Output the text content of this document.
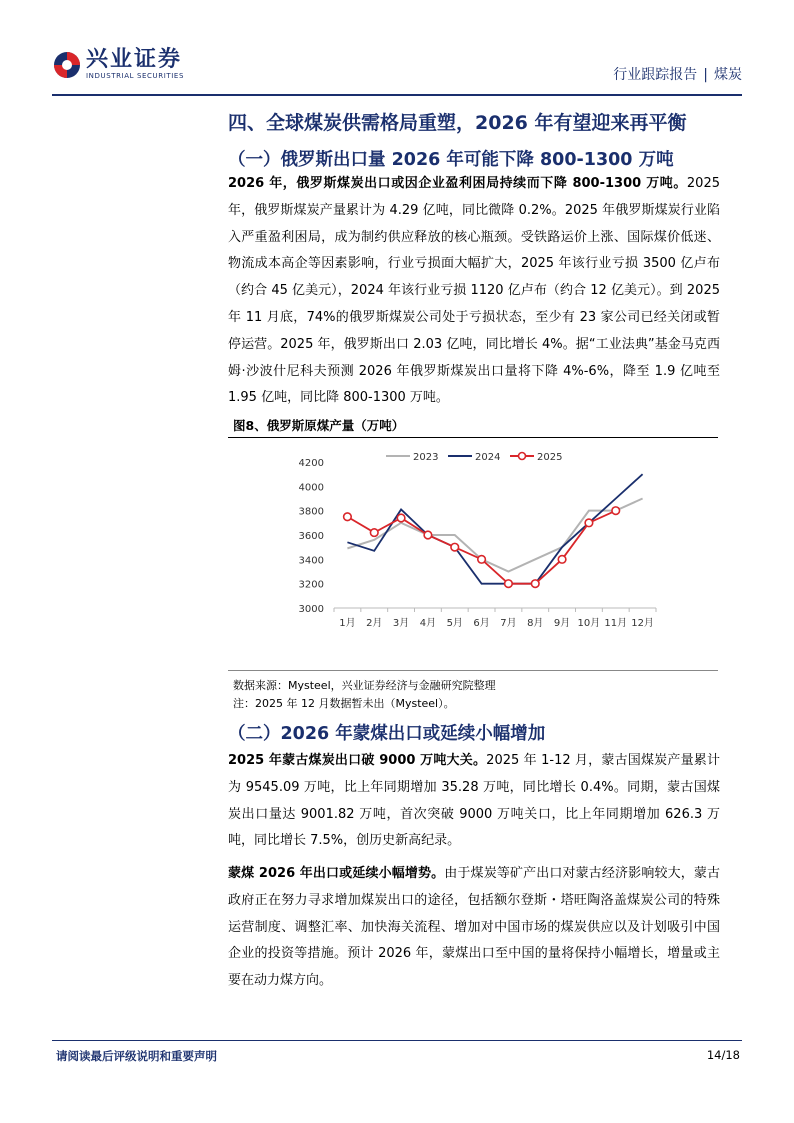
兴业证券
INDUSTRIAL SECURITIES	行业跟踪报告 | 煤炭
四、全球煤炭供需格局重塑，2026 年有望迎来再平衡
（一）俄罗斯出口量 2026 年可能下降 800-1300 万吨
2026 年，俄罗斯煤炭出口或因企业盈利困局持续而下降 800-1300 万吨。2025 年，俄罗斯煤炭产量累计为 4.29 亿吨，同比微降 0.2%。2025 年俄罗斯煤炭行业陷入严重盈利困局，成为制约供应释放的核心瓶颈。受铁路运价上涨、国际煤价低迷、物流成本高企等因素影响，行业亏损面大幅扩大，2025 年该行业亏损 3500 亿卢布（约合 45 亿美元），2024 年该行业亏损 1120 亿卢布（约合 12 亿美元）。到 2025 年 11 月底，74%的俄罗斯煤炭公司处于亏损状态，至少有 23 家公司已经关闭或暂停运营。2025 年，俄罗斯出口 2.03 亿吨，同比增长 4%。据“工业法典”基金马克西姆·沙波什尼科夫预测 2026 年俄罗斯煤炭出口量将下降 4%-6%，降至 1.9 亿吨至 1.95 亿吨，同比降 800-1300 万吨。
图8、俄罗斯原煤产量（万吨）
3000
3200
3400
3600
3800
4000
4200
1月 2月 3月 4月 5月 6月 7月 8月 9月 10月 11月 12月
2023	2024	2025
数据来源：Mysteel，兴业证券经济与金融研究院整理
注：2025 年 12 月数据暂未出（Mysteel）。
（二）2026 年蒙煤出口或延续小幅增加
2025 年蒙古煤炭出口破 9000 万吨大关。2025 年 1-12 月，蒙古国煤炭产量累计为 9545.09 万吨，比上年同期增加 35.28 万吨，同比增长 0.4%。同期，蒙古国煤炭出口量达 9001.82 万吨，首次突破 9000 万吨关口，比上年同期增加 626.3 万吨，同比增长 7.5%，创历史新高纪录。
蒙煤 2026 年出口或延续小幅增势。由于煤炭等矿产出口对蒙古经济影响较大，蒙古政府正在努力寻求增加煤炭出口的途径，包括额尔登斯・塔旺陶洛盖煤炭公司的特殊运营制度、调整汇率、加快海关流程、增加对中国市场的煤炭供应以及计划吸引中国企业的投资等措施。预计 2026 年，蒙煤出口至中国的量将保持小幅增长，增量或主要在动力煤方向。
请阅读最后评级说明和重要声明	14/18
